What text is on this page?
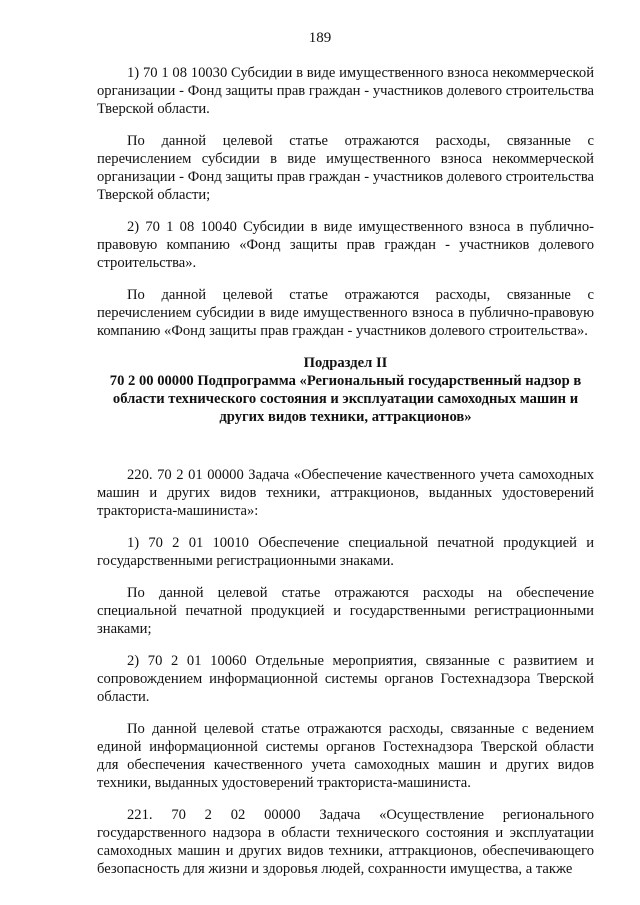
189

1) 70 1 08 10030 Субсидии в виде имущественного взноса некоммерческой организации - Фонд защиты прав граждан - участников долевого строительства Тверской области.

По данной целевой статье отражаются расходы, связанные с перечислением субсидии в виде имущественного взноса некоммерческой организации - Фонд защиты прав граждан - участников долевого строительства Тверской области;

2) 70 1 08 10040 Субсидии в виде имущественного взноса в публично-правовую компанию «Фонд защиты прав граждан - участников долевого строительства».

По данной целевой статье отражаются расходы, связанные с перечислением субсидии в виде имущественного взноса в публично-правовую компанию «Фонд защиты прав граждан - участников долевого строительства».

Подраздел II
70 2 00 00000 Подпрограмма «Региональный государственный надзор в области технического состояния и эксплуатации самоходных машин и других видов техники, аттракционов»

220. 70 2 01 00000 Задача «Обеспечение качественного учета самоходных машин и других видов техники, аттракционов, выданных удостоверений тракториста-машиниста»:

1) 70 2 01 10010 Обеспечение специальной печатной продукцией и государственными регистрационными знаками.

По данной целевой статье отражаются расходы на обеспечение специальной печатной продукцией и государственными регистрационными знаками;

2) 70 2 01 10060 Отдельные мероприятия, связанные с развитием и сопровождением информационной системы органов Гостехнадзора Тверской области.

По данной целевой статье отражаются расходы, связанные с ведением единой информационной системы органов Гостехнадзора Тверской области для обеспечения качественного учета самоходных машин и других видов техники, выданных удостоверений тракториста-машиниста.

221. 70 2 02 00000 Задача «Осуществление регионального государственного надзора в области технического состояния и эксплуатации самоходных машин и других видов техники, аттракционов, обеспечивающего безопасность для жизни и здоровья людей, сохранности имущества, а также
